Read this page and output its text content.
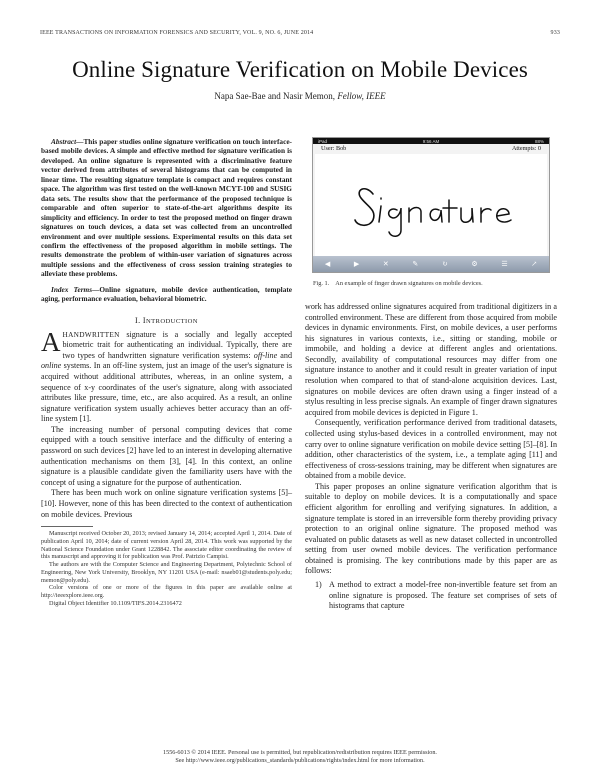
IEEE TRANSACTIONS ON INFORMATION FORENSICS AND SECURITY, VOL. 9, NO. 6, JUNE 2014	933
Online Signature Verification on Mobile Devices
Napa Sae-Bae and Nasir Memon, Fellow, IEEE

Abstract—This paper studies online signature verification on touch interface-based mobile devices. A simple and effective method for signature verification is developed. An online signature is represented with a discriminative feature vector derived from attributes of several histograms that can be computed in linear time. The resulting signature template is compact and requires constant space. The algorithm was first tested on the well-known MCYT-100 and SUSIG data sets. The results show that the performance of the proposed technique is comparable and often superior to state-of-the-art algorithms despite its simplicity and efficiency. In order to test the proposed method on finger drawn signatures on touch devices, a data set was collected from an uncontrolled environment and over multiple sessions. Experimental results on this data set confirm the effectiveness of the proposed algorithm in mobile settings. The results demonstrate the problem of within-user variation of signatures across multiple sessions and the effectiveness of cross session training strategies to alleviate these problems.

Index Terms—Online signature, mobile device authentication, template aging, performance evaluation, behavioral biometric.

I. INTRODUCTION

AHANDWRITTEN signature is a socially and legally accepted biometric trait for authenticating an individual. Typically, there are two types of handwritten signature verification systems: off-line and online systems. In an off-line system, just an image of the user's signature is acquired without additional attributes, whereas, in an online system, a sequence of x-y coordinates of the user's signature, along with associated attributes like pressure, time, etc., are also acquired. As a result, an online signature verification system usually achieves better accuracy than an off-line system [1].

The increasing number of personal computing devices that come equipped with a touch sensitive interface and the difficulty of entering a password on such devices [2] have led to an interest in developing alternative authentication mechanisms on them [3], [4]. In this context, an online signature is a plausible candidate given the familiarity users have with the concept of using a signature for the purpose of authentication.

There has been much work on online signature verification systems [5]–[10]. However, none of this has been directed to the context of authentication on mobile devices. Previous

Manuscript received October 20, 2013; revised January 14, 2014; accepted April 1, 2014. Date of publication April 10, 2014; date of current version April 28, 2014. This work was supported by the National Science Foundation under Grant 1228842. The associate editor coordinating the review of this manuscript and approving it for publication was Prof. Patrizio Campisi.

The authors are with the Computer Science and Engineering Department, Polytechnic School of Engineering, New York University, Brooklyn, NY 11201 USA (e-mail: nsaeb01@students.poly.edu; memon@poly.edu).

Color versions of one or more of the figures in this paper are available online at http://ieeexplore.ieee.org.

Digital Object Identifier 10.1109/TIFS.2014.2316472

iPad	9:56 AM	88%
User: Bob	Attempts: 0
◀	▶	✕	✎	↻	⚙	☰	↗
Fig. 1. An example of finger drawn signatures on mobile devices.

work has addressed online signatures acquired from traditional digitizers in a controlled environment. These are different from those acquired from mobile devices in dynamic environments. First, on mobile devices, a user performs his signatures in various contexts, i.e., sitting or standing, mobile or immobile, and holding a device at different angles and orientations. Secondly, availability of computational resources may differ from one signature instance to another and it could result in greater variation of input resolution when compared to that of stand-alone acquisition devices. Last, signatures on mobile devices are often drawn using a finger instead of a stylus resulting in less precise signals. An example of finger drawn signatures acquired from mobile devices is depicted in Figure 1.

Consequently, verification performance derived from traditional datasets, collected using stylus-based devices in a controlled environment, may not carry over to online signature verification on mobile device setting [5]–[8]. In addition, other characteristics of the system, i.e., a template aging [11] and effectiveness of cross-sessions training, may be different when signatures are obtained from a mobile device.

This paper proposes an online signature verification algorithm that is suitable to deploy on mobile devices. It is a computationally and space efficient algorithm for enrolling and verifying signatures. In addition, a signature template is stored in an irreversible form thereby providing privacy protection to an original online signature. The proposed method was evaluated on public datasets as well as new dataset collected in uncontrolled setting from user owned mobile devices. The verification performance obtained is promising. The key contributions made by this paper are as follows:

1) A method to extract a model-free non-invertible feature set from an online signature is proposed. The feature set comprises of sets of histograms that capture

1556-6013 © 2014 IEEE. Personal use is permitted, but republication/redistribution requires IEEE permission.
See http://www.ieee.org/publications_standards/publications/rights/index.html for more information.
